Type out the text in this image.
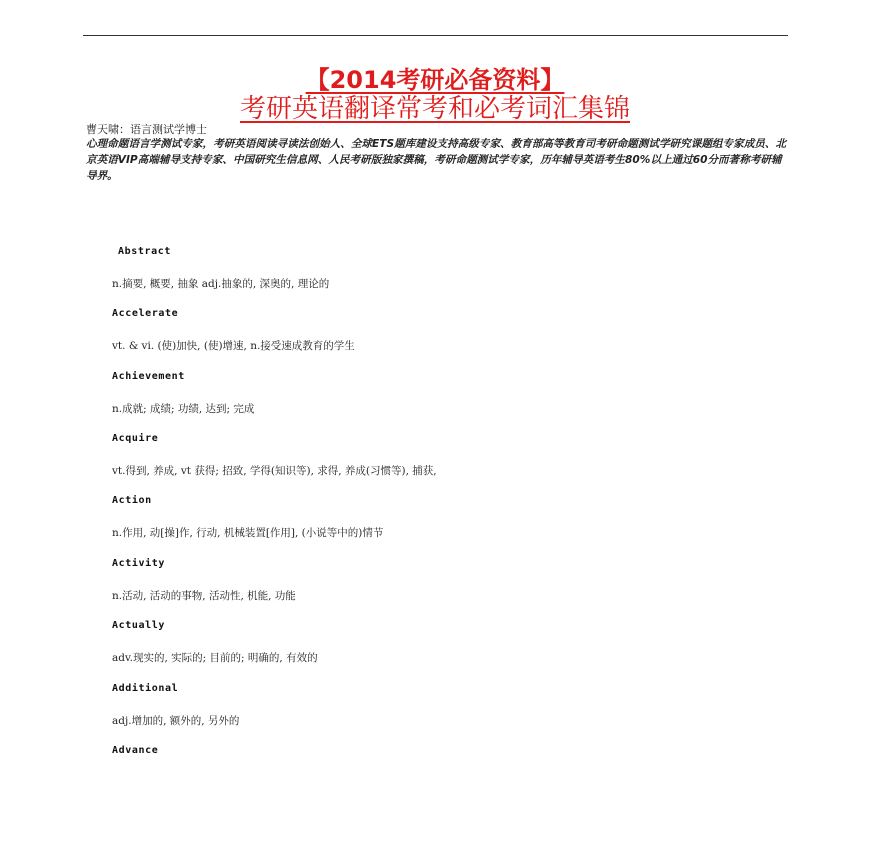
【2014考研必备资料】
考研英语翻译常考和必考词汇集锦
曹天啸：语言测试学博士
心理命题语言学测试专家，考研英语阅读寻读法创始人、全球ETS题库建设支持高级专家、教育部高等教育司考研命题测试学研究课题组专家成员、北京英语VIP高端辅导支持专家、中国研究生信息网、人民考研版独家撰稿，考研命题测试学专家，历年辅导英语考生80%以上通过60分而著称考研辅导界。
Abstract
n.摘要, 概要, 抽象 adj.抽象的, 深奥的, 理论的
Accelerate
vt. & vi. (使)加快, (使)增速, n.接受速成教育的学生
Achievement
n.成就; 成绩; 功绩, 达到; 完成
Acquire
vt.得到, 养成, vt 获得; 招致, 学得(知识等), 求得, 养成(习惯等), 捕获,
Action
n.作用, 动[操]作, 行动, 机械装置[作用], (小说等中的)情节
Activity
n.活动, 活动的事物, 活动性, 机能, 功能
Actually
adv.现实的, 实际的; 目前的; 明确的, 有效的
Additional
adj.增加的, 额外的, 另外的
Advance
